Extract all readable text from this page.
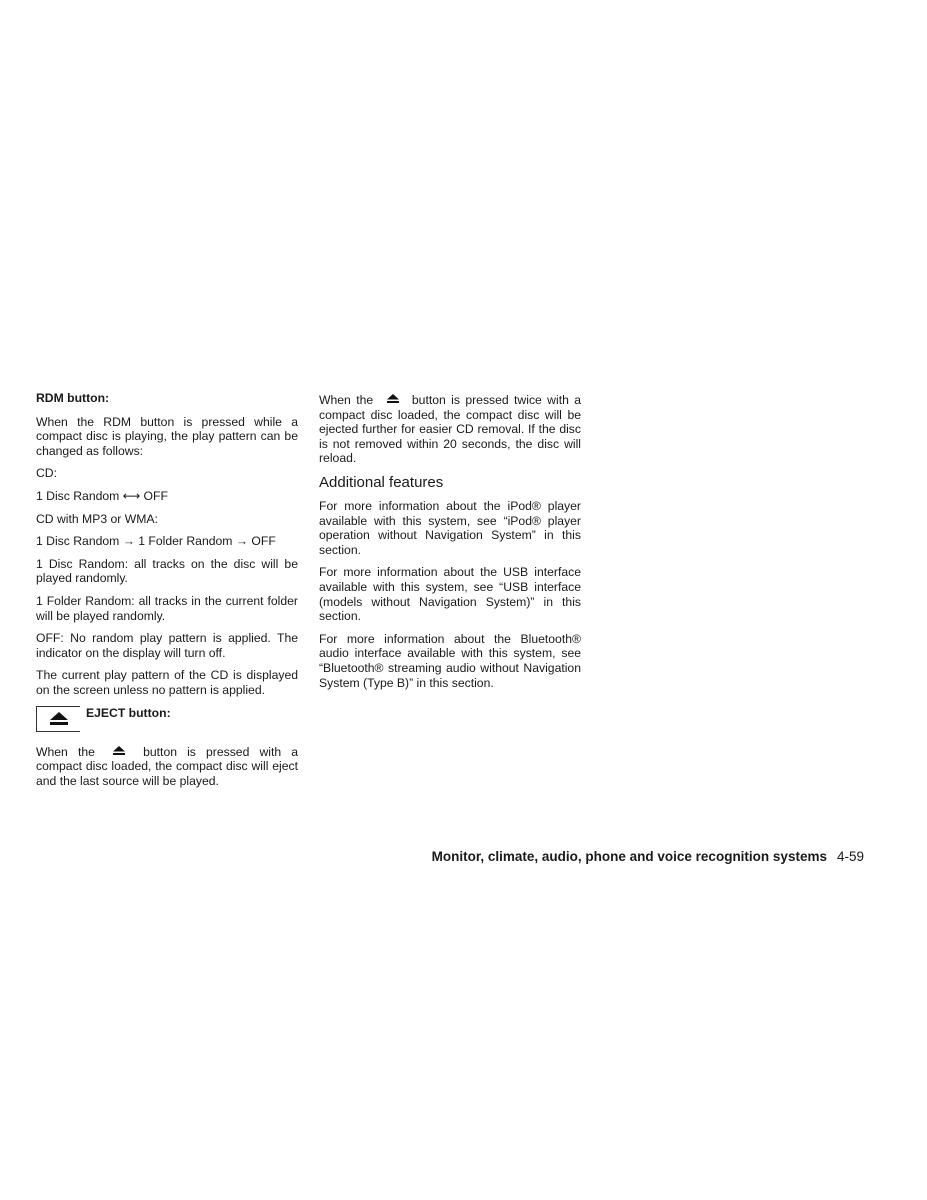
RDM button:

When the RDM button is pressed while a compact disc is playing, the play pattern can be changed as follows:

CD:

1 Disc Random ⟷ OFF

CD with MP3 or WMA:

1 Disc Random → 1 Folder Random → OFF

1 Disc Random: all tracks on the disc will be played randomly.

1 Folder Random: all tracks in the current folder will be played randomly.

OFF: No random play pattern is applied. The indicator on the display will turn off.

The current play pattern of the CD is displayed on the screen unless no pattern is applied.

EJECT button:

When the	button is pressed with a compact disc loaded, the compact disc will eject and the last source will be played.

When the	button is pressed twice with a compact disc loaded, the compact disc will be ejected further for easier CD removal. If the disc is not removed within 20 seconds, the disc will reload.

Additional features

For more information about the iPod® player available with this system, see “iPod® player operation without Navigation System” in this section.

For more information about the USB interface available with this system, see “USB interface (models without Navigation System)” in this section.

For more information about the Bluetooth® audio interface available with this system, see “Bluetooth® streaming audio without Navigation System (Type B)” in this section.

Monitor, climate, audio, phone and voice recognition systems 4-59
